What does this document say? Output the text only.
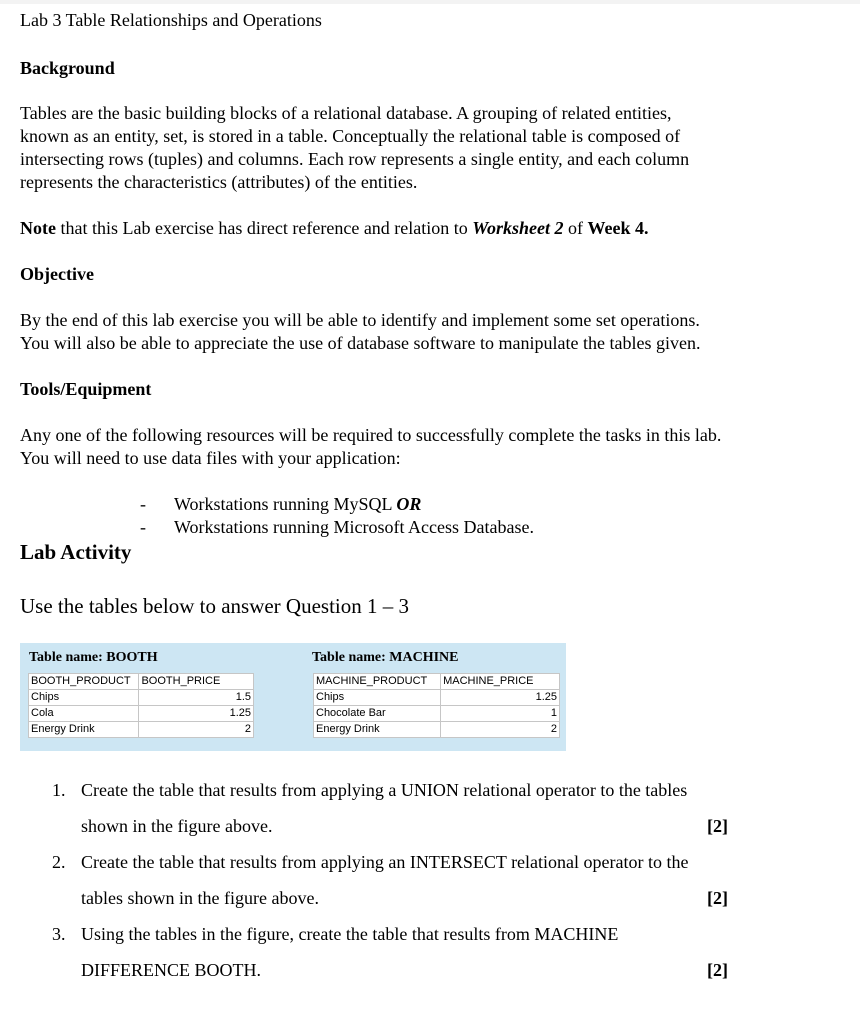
Lab 3 Table Relationships and Operations

Background

Tables are the basic building blocks of a relational database. A grouping of related entities,

known as an entity, set, is stored in a table. Conceptually the relational table is composed of

intersecting rows (tuples) and columns. Each row represents a single entity, and each column

represents the characteristics (attributes) of the entities.

Note that this Lab exercise has direct reference and relation to Worksheet 2 of Week 4.

Objective

By the end of this lab exercise you will be able to identify and implement some set operations.

You will also be able to appreciate the use of database software to manipulate the tables given.

Tools/Equipment

Any one of the following resources will be required to successfully complete the tasks in this lab.

You will need to use data files with your application:

- Workstations running MySQL OR

- Workstations running Microsoft Access Database.

Lab Activity

Use the tables below to answer Question 1 – 3

Table name: BOOTH
BOOTH_PRODUCT	BOOTH_PRICE
Chips	1.5
Cola	1.25
Energy Drink	2
Table name: MACHINE
MACHINE_PRODUCT	MACHINE_PRICE
Chips	1.25
Chocolate Bar	1
Energy Drink	2
1. Create the table that results from applying a UNION relational operator to the tables

shown in the figure above.	[2]
2. Create the table that results from applying an INTERSECT relational operator to the

tables shown in the figure above.	[2]
3. Using the tables in the figure, create the table that results from MACHINE

DIFFERENCE BOOTH.	[2]
